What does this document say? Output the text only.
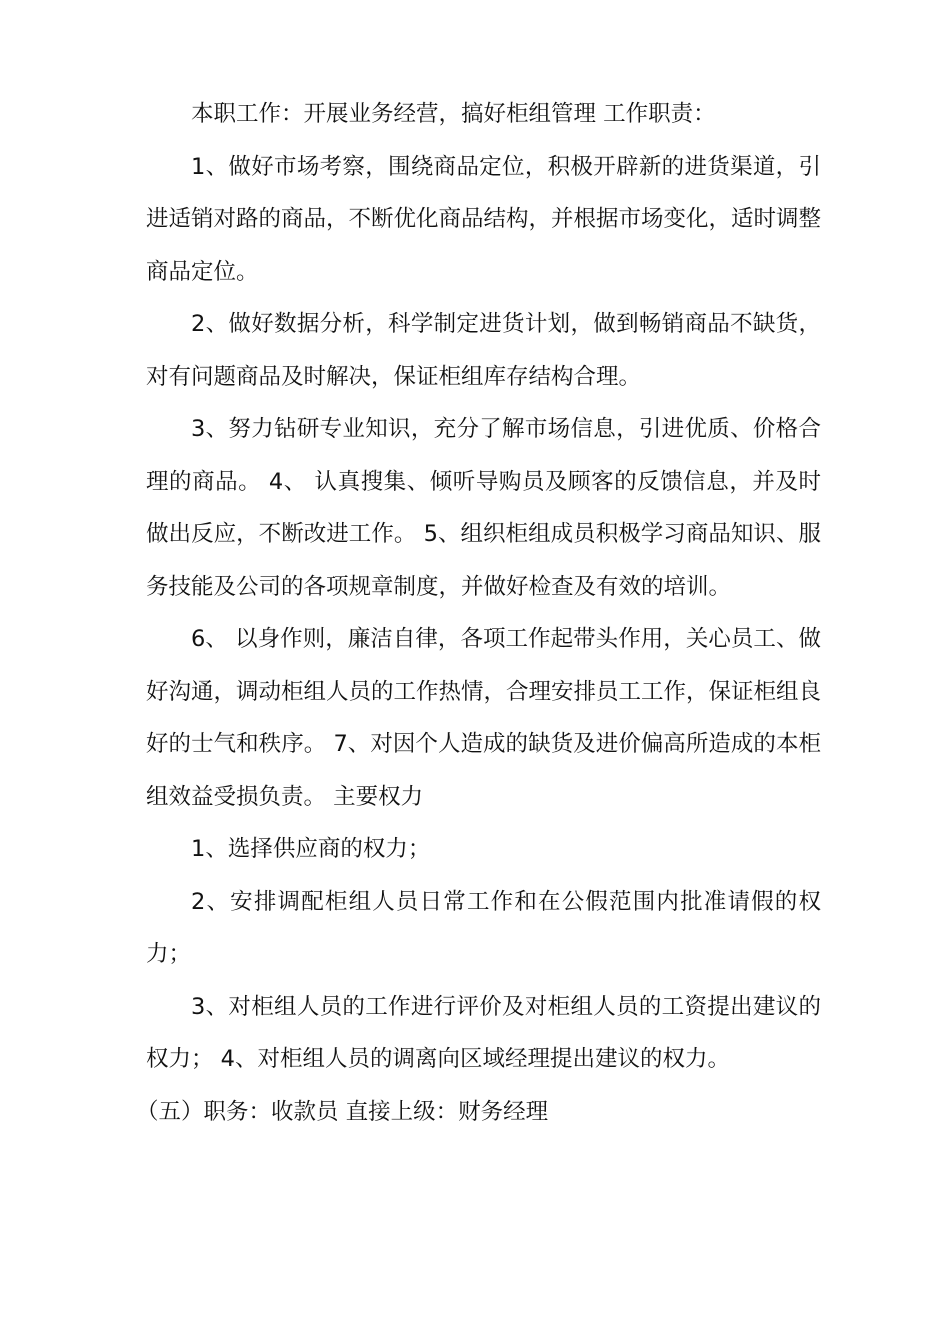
本职工作：开展业务经营，搞好柜组管理 工作职责：

1、做好市场考察，围绕商品定位，积极开辟新的进货渠道，引进适销对路的商品，不断优化商品结构，并根据市场变化，适时调整商品定位。

2、做好数据分析，科学制定进货计划，做到畅销商品不缺货，对有问题商品及时解决，保证柜组库存结构合理。

3、努力钻研专业知识，充分了解市场信息，引进优质、价格合理的商品。 4、 认真搜集、倾听导购员及顾客的反馈信息，并及时做出反应，不断改进工作。 5、组织柜组成员积极学习商品知识、服务技能及公司的各项规章制度，并做好检查及有效的培训。

6、 以身作则，廉洁自律，各项工作起带头作用，关心员工、做好沟通，调动柜组人员的工作热情，合理安排员工工作，保证柜组良好的士气和秩序。 7、对因个人造成的缺货及进价偏高所造成的本柜组效益受损负责。 主要权力

1、选择供应商的权力；

2、安排调配柜组人员日常工作和在公假范围内批准请假的权力；

3、对柜组人员的工作进行评价及对柜组人员的工资提出建议的权力； 4、对柜组人员的调离向区域经理提出建议的权力。

（五）职务：收款员 直接上级：财务经理
